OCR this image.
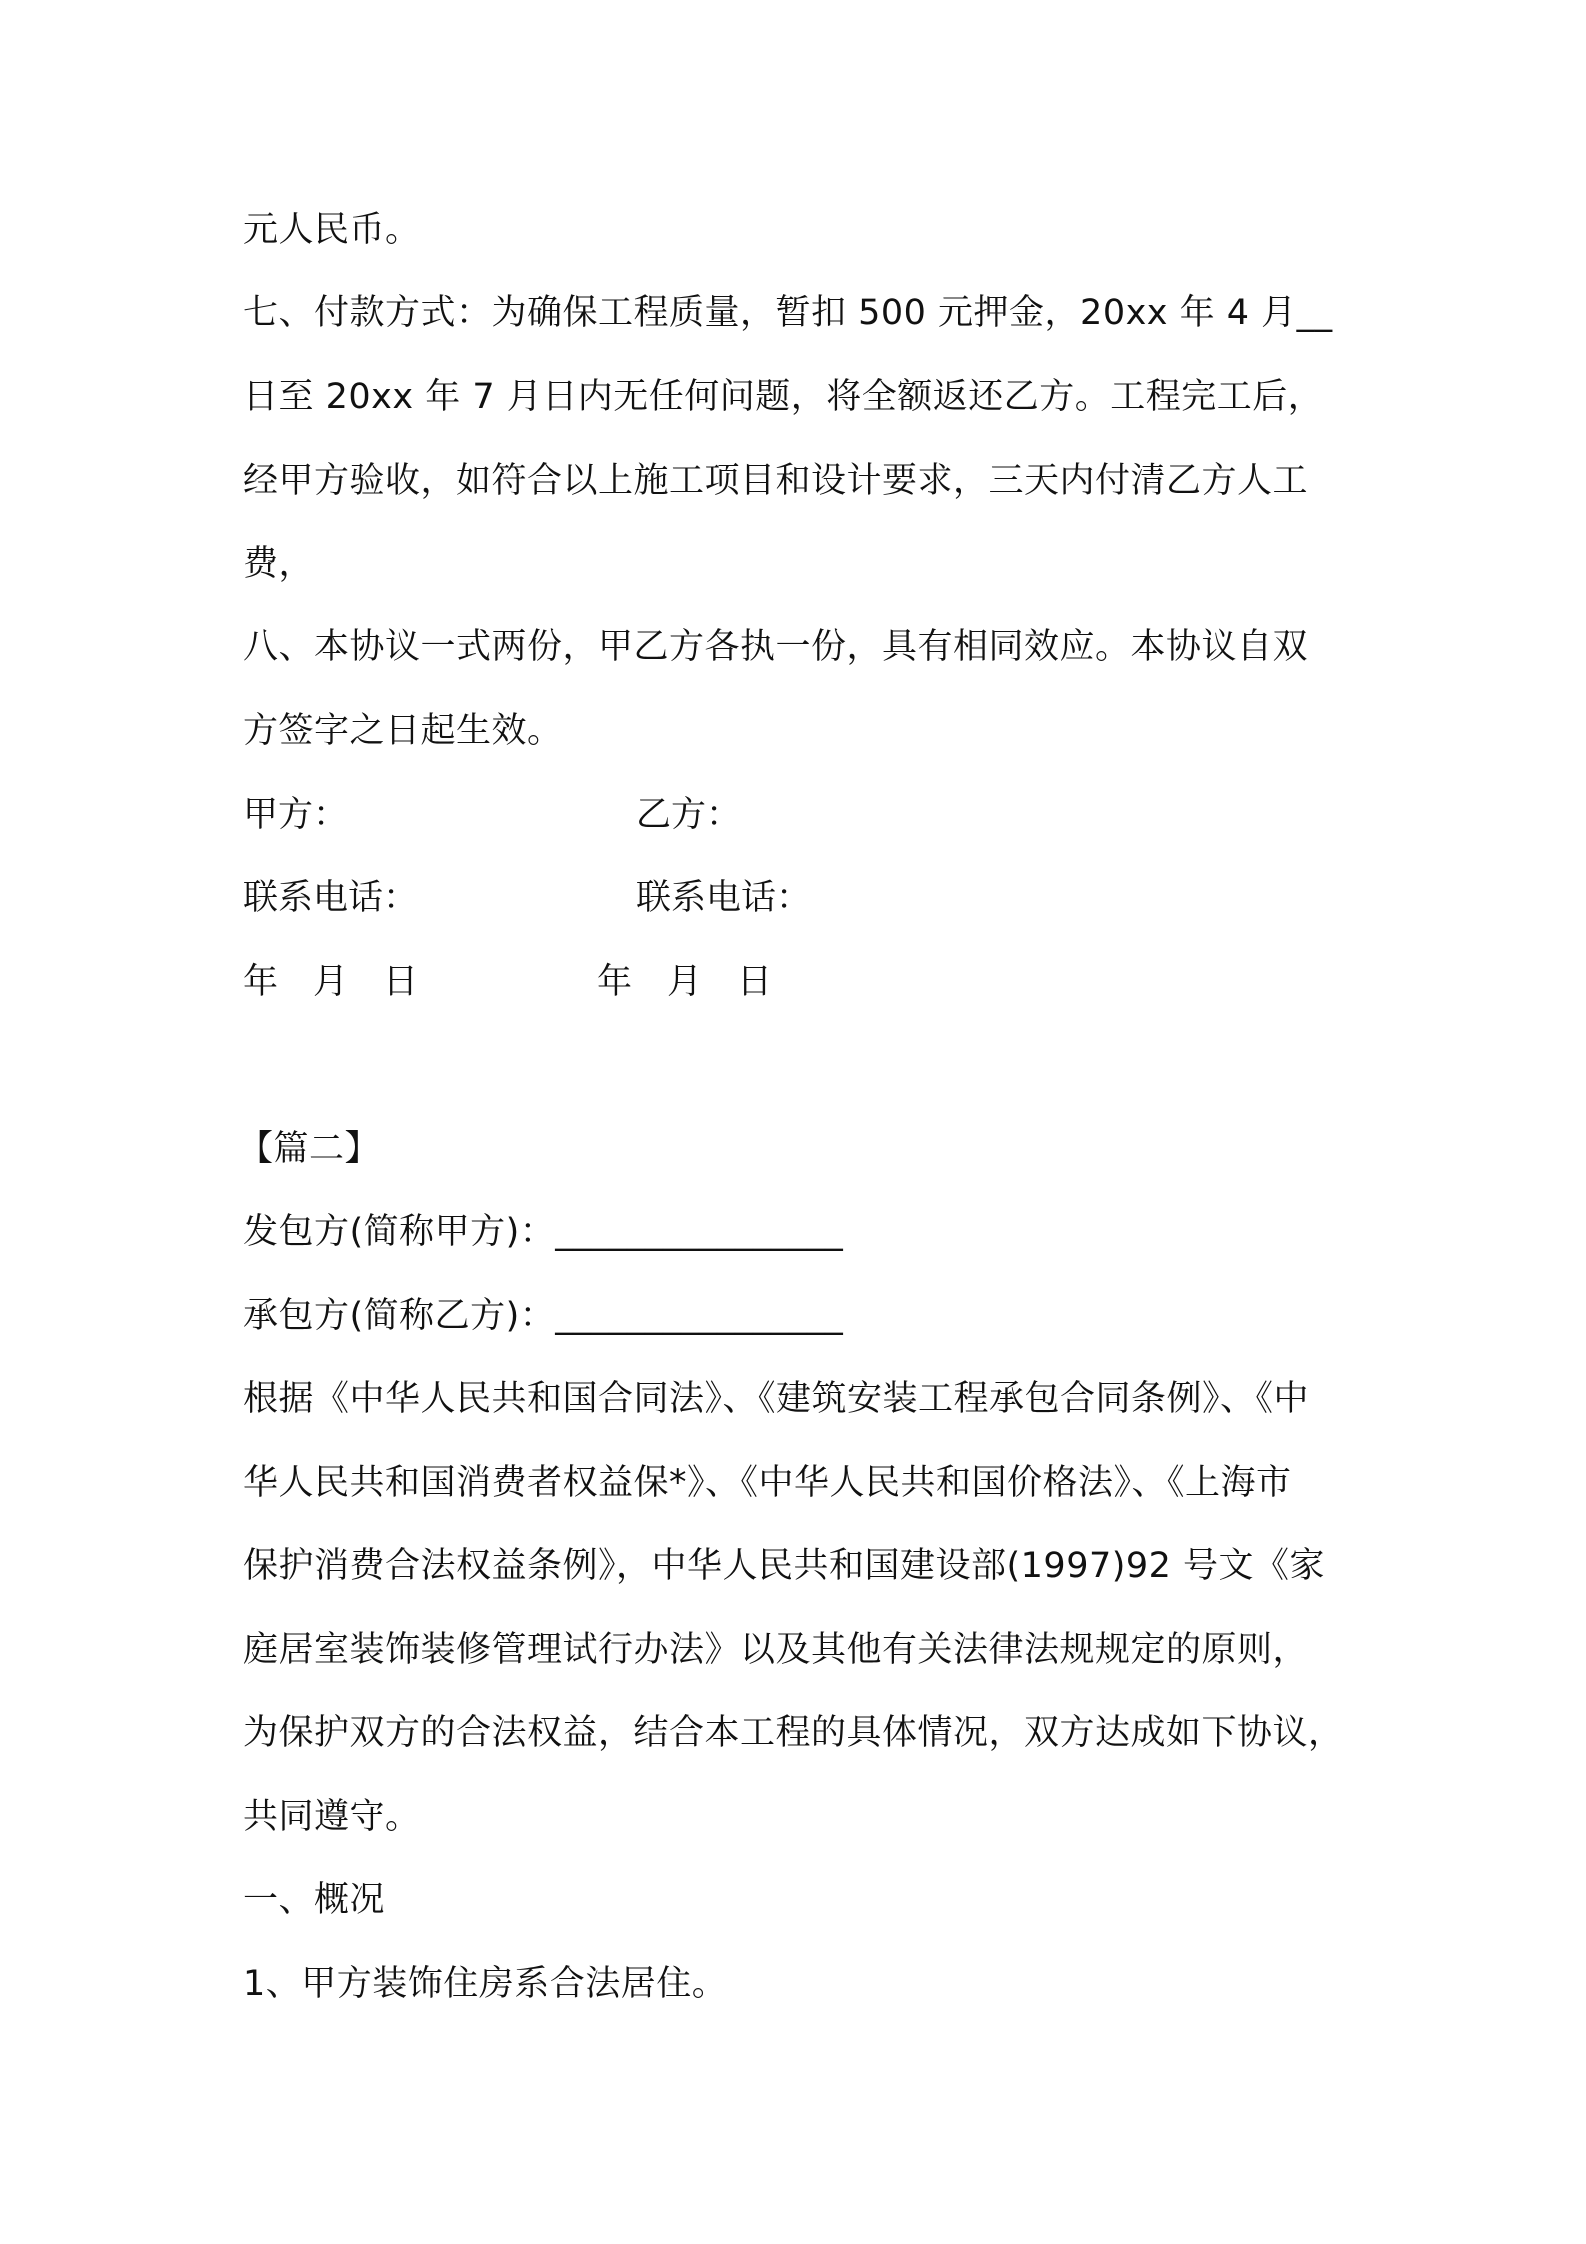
元人民币。
七、付款方式：为确保工程质量，暂扣 500 元押金，20xx 年 4 月__
日至 20xx 年 7 月日内无任何问题，将全额返还乙方。工程完工后，
经甲方验收，如符合以上施工项目和设计要求，三天内付清乙方人工
费，
八、本协议一式两份，甲乙方各执一份，具有相同效应。本协议自双
方签字之日起生效。
甲方：	乙方：
联系电话：	联系电话：
年　月　日	年　月　日
【篇二】
发包方(简称甲方)：________________
承包方(简称乙方)：________________
根据《中华人民共和国合同法》、《建筑安装工程承包合同条例》、《中
华人民共和国消费者权益保*》、《中华人民共和国价格法》、《上海市
保护消费合法权益条例》，中华人民共和国建设部(1997)92 号文《家
庭居室装饰装修管理试行办法》以及其他有关法律法规规定的原则，
为保护双方的合法权益，结合本工程的具体情况，双方达成如下协议，
共同遵守。
一、概况
1、甲方装饰住房系合法居住。
